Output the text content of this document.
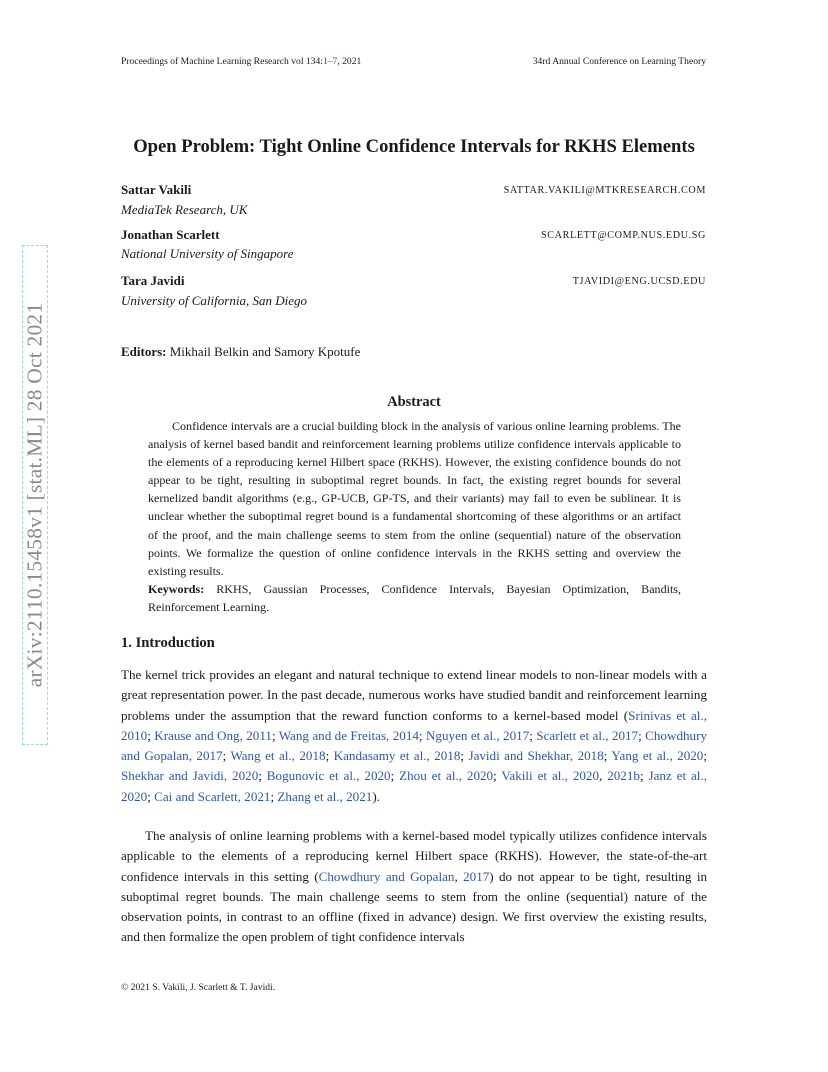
Proceedings of Machine Learning Research vol 134:1–7, 2021	34rd Annual Conference on Learning Theory
arXiv:2110.15458v1 [stat.ML] 28 Oct 2021
Open Problem: Tight Online Confidence Intervals for RKHS Elements
Sattar Vakili	SATTAR.VAKILI@MTKRESEARCH.COM
MediaTek Research, UK
Jonathan Scarlett	SCARLETT@COMP.NUS.EDU.SG
National University of Singapore
Tara Javidi	TJAVIDI@ENG.UCSD.EDU
University of California, San Diego
Editors: Mikhail Belkin and Samory Kpotufe
Abstract
Confidence intervals are a crucial building block in the analysis of various online learning problems. The analysis of kernel based bandit and reinforcement learning problems utilize confidence intervals applicable to the elements of a reproducing kernel Hilbert space (RKHS). However, the existing confidence bounds do not appear to be tight, resulting in suboptimal regret bounds. In fact, the existing regret bounds for several kernelized bandit algorithms (e.g., GP-UCB, GP-TS, and their variants) may fail to even be sublinear. It is unclear whether the suboptimal regret bound is a fundamental shortcoming of these algorithms or an artifact of the proof, and the main challenge seems to stem from the online (sequential) nature of the observation points. We formalize the question of online confidence intervals in the RKHS setting and overview the existing results.
Keywords: RKHS, Gaussian Processes, Confidence Intervals, Bayesian Optimization, Bandits, Reinforcement Learning.
1. Introduction
The kernel trick provides an elegant and natural technique to extend linear models to non-linear models with a great representation power. In the past decade, numerous works have studied bandit and reinforcement learning problems under the assumption that the reward function conforms to a kernel-based model (Srinivas et al., 2010; Krause and Ong, 2011; Wang and de Freitas, 2014; Nguyen et al., 2017; Scarlett et al., 2017; Chowdhury and Gopalan, 2017; Wang et al., 2018; Kandasamy et al., 2018; Javidi and Shekhar, 2018; Yang et al., 2020; Shekhar and Javidi, 2020; Bogunovic et al., 2020; Zhou et al., 2020; Vakili et al., 2020, 2021b; Janz et al., 2020; Cai and Scarlett, 2021; Zhang et al., 2021).
The analysis of online learning problems with a kernel-based model typically utilizes confidence intervals applicable to the elements of a reproducing kernel Hilbert space (RKHS). However, the state-of-the-art confidence intervals in this setting (Chowdhury and Gopalan, 2017) do not appear to be tight, resulting in suboptimal regret bounds. The main challenge seems to stem from the online (sequential) nature of the observation points, in contrast to an offline (fixed in advance) design. We first overview the existing results, and then formalize the open problem of tight confidence intervals
© 2021 S. Vakili, J. Scarlett & T. Javidi.
